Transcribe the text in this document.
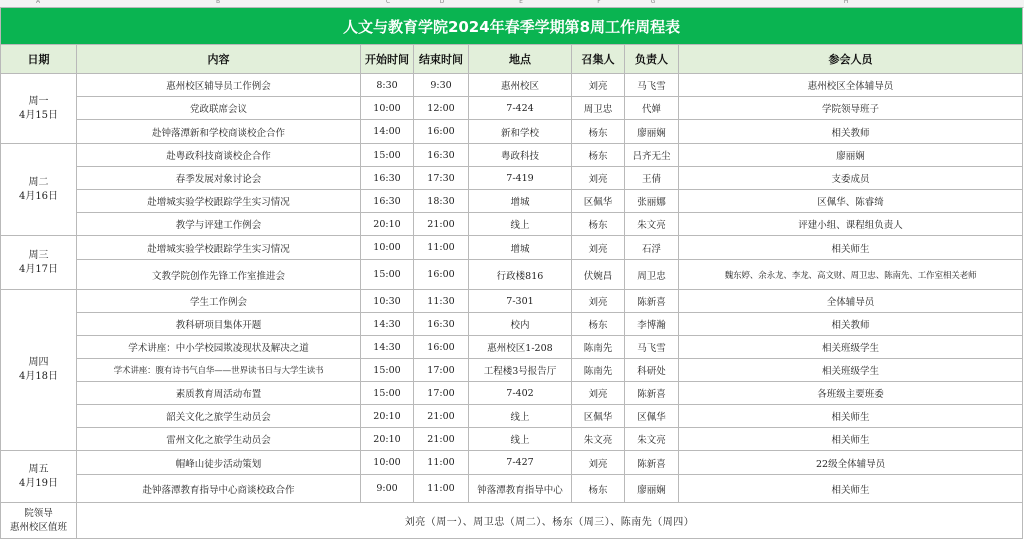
A	B	C	D	E	F	G	H
人文与教育学院2024年春季学期第8周工作周程表							
日期	内容	开始时间	结束时间	地点	召集人	负责人	参会人员

周一
4月15日	惠州校区辅导员工作例会	8:30	9:30	惠州校区	刘亮	马飞雪	惠州校区全体辅导员
	党政联席会议	10:00	12:00	7-424	周卫忠	代婵	学院领导班子
	赴钟落潭新和学校商谈校企合作	14:00	16:00	新和学校	杨东	廖丽娴	相关教师

周二
4月16日	赴粤政科技商谈校企合作	15:00	16:30	粤政科技	杨东	吕齐无尘	廖丽娴
	春季发展对象讨论会	16:30	17:30	7-419	刘亮	王倩	支委成员
	赴增城实验学校跟踪学生实习情况	16:30	18:30	增城	区佩华	张丽娜	区佩华、陈睿绮
	教学与评建工作例会	20:10	21:00	线上	杨东	朱文亮	评建小组、课程组负责人

周三
4月17日	赴增城实验学校跟踪学生实习情况	10:00	11:00	增城	刘亮	石浮	相关师生
	文教学院创作先锋工作室推进会	15:00	16:00	行政楼816	伏婉昌	周卫忠	魏东婷、余永龙、李龙、高文财、周卫忠、陈南先、工作室相关老师

周四
4月18日	学生工作例会	10:30	11:30	7-301	刘亮	陈新喜	全体辅导员
	教科研项目集体开题	14:30	16:30	校内	杨东	李博瀚	相关教师
	学术讲座：中小学校园欺凌现状及解决之道	14:30	16:00	惠州校区1-208	陈南先	马飞雪	相关班级学生
	学术讲座：腹有诗书气自华——世界读书日与大学生读书	15:00	17:00	工程楼3号报告厅	陈南先	科研处	相关班级学生
	素质教育周活动布置	15:00	17:00	7-402	刘亮	陈新喜	各班级主要班委
	韶关文化之旅学生动员会	20:10	21:00	线上	区佩华	区佩华	相关师生
	雷州文化之旅学生动员会	20:10	21:00	线上	朱文亮	朱文亮	相关师生

周五
4月19日	帽峰山徒步活动策划	10:00	11:00	7-427	刘亮	陈新喜	22级全体辅导员
	赴钟落潭教育指导中心商谈校政合作	9:00	11:00	钟落潭教育指导中心	杨东	廖丽娴	相关师生

院领导
惠州校区值班	刘亮（周一）、周卫忠（周二）、杨东（周三）、陈南先（周四）						
